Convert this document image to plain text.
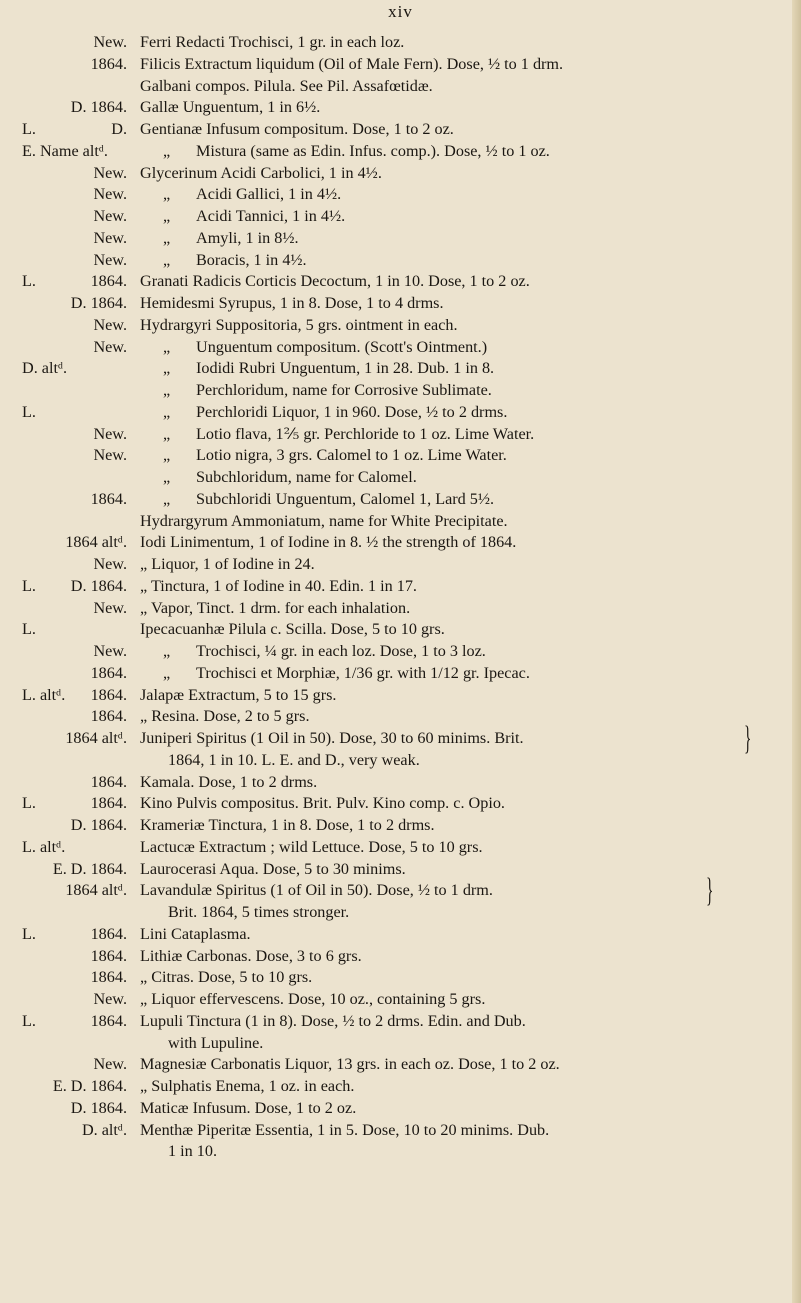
xiv
New. Ferri Redacti Trochisci, 1 gr. in each loz.
1864. Filicis Extractum liquidum (Oil of Male Fern). Dose, ½ to 1 drm.
Galbani compos. Pilula. See Pil. Assafœtidæ.
D. 1864. Gallæ Unguentum, 1 in 6½.
L.	D. Gentianæ Infusum compositum. Dose, 1 to 2 oz.
E. Name altᵈ.	„ Mistura (same as Edin. Infus. comp.). Dose, ½ to 1 oz.
New. Glycerinum Acidi Carbolici, 1 in 4½.
New. „ Acidi Gallici, 1 in 4½.
New. „ Acidi Tannici, 1 in 4½.
New. „ Amyli, 1 in 8½.
New. „ Boracis, 1 in 4½.
L.	1864. Granati Radicis Corticis Decoctum, 1 in 10. Dose, 1 to 2 oz.
D. 1864. Hemidesmi Syrupus, 1 in 8. Dose, 1 to 4 drms.
New. Hydrargyri Suppositoria, 5 grs. ointment in each.
New. „ Unguentum compositum. (Scott's Ointment.)
D. altᵈ.	„ Iodidi Rubri Unguentum, 1 in 28. Dub. 1 in 8.
„ Perchloridum, name for Corrosive Sublimate.
L.	„ Perchloridi Liquor, 1 in 960. Dose, ½ to 2 drms.
New. „ Lotio flava, 1⅖ gr. Perchloride to 1 oz. Lime Water.
New. „ Lotio nigra, 3 grs. Calomel to 1 oz. Lime Water.
„ Subchloridum, name for Calomel.
1864. „ Subchloridi Unguentum, Calomel 1, Lard 5½.
Hydrargyrum Ammoniatum, name for White Precipitate.
1864 altᵈ. Iodi Linimentum, 1 of Iodine in 8. ½ the strength of 1864.
New. „ Liquor, 1 of Iodine in 24.
L. D. 1864. „ Tinctura, 1 of Iodine in 40. Edin. 1 in 17.
New. „ Vapor, Tinct. 1 drm. for each inhalation.
L.	Ipecacuanhæ Pilula c. Scilla. Dose, 5 to 10 grs.
New. „ Trochisci, ¼ gr. in each loz. Dose, 1 to 3 loz.
1864. „ Trochisci et Morphiæ, 1/36 gr. with 1/12 gr. Ipecac.
L. altᵈ. 1864. Jalapæ Extractum, 5 to 15 grs.
1864. „ Resina. Dose, 2 to 5 grs.
1864 altᵈ. Juniperi Spiritus (1 Oil in 50). Dose, 30 to 60 minims. Brit.	}
1864, 1 in 10. L. E. and D., very weak.
1864. Kamala. Dose, 1 to 2 drms.
L.	1864. Kino Pulvis compositus. Brit. Pulv. Kino comp. c. Opio.
D. 1864. Krameriæ Tinctura, 1 in 8. Dose, 1 to 2 drms.
L. altᵈ.	Lactucæ Extractum ; wild Lettuce. Dose, 5 to 10 grs.
E. D. 1864. Laurocerasi Aqua. Dose, 5 to 30 minims.
1864 altᵈ. Lavandulæ Spiritus (1 of Oil in 50). Dose, ½ to 1 drm.	}
Brit. 1864, 5 times stronger.
L.	1864. Lini Cataplasma.
1864. Lithiæ Carbonas. Dose, 3 to 6 grs.
1864. „ Citras. Dose, 5 to 10 grs.
New. „ Liquor effervescens. Dose, 10 oz., containing 5 grs.
L.	1864. Lupuli Tinctura (1 in 8). Dose, ½ to 2 drms. Edin. and Dub.
with Lupuline.
New. Magnesiæ Carbonatis Liquor, 13 grs. in each oz. Dose, 1 to 2 oz.
E. D. 1864. „ Sulphatis Enema, 1 oz. in each.
D. 1864. Maticæ Infusum. Dose, 1 to 2 oz.
D. altᵈ. Menthæ Piperitæ Essentia, 1 in 5. Dose, 10 to 20 minims. Dub.
1 in 10.
